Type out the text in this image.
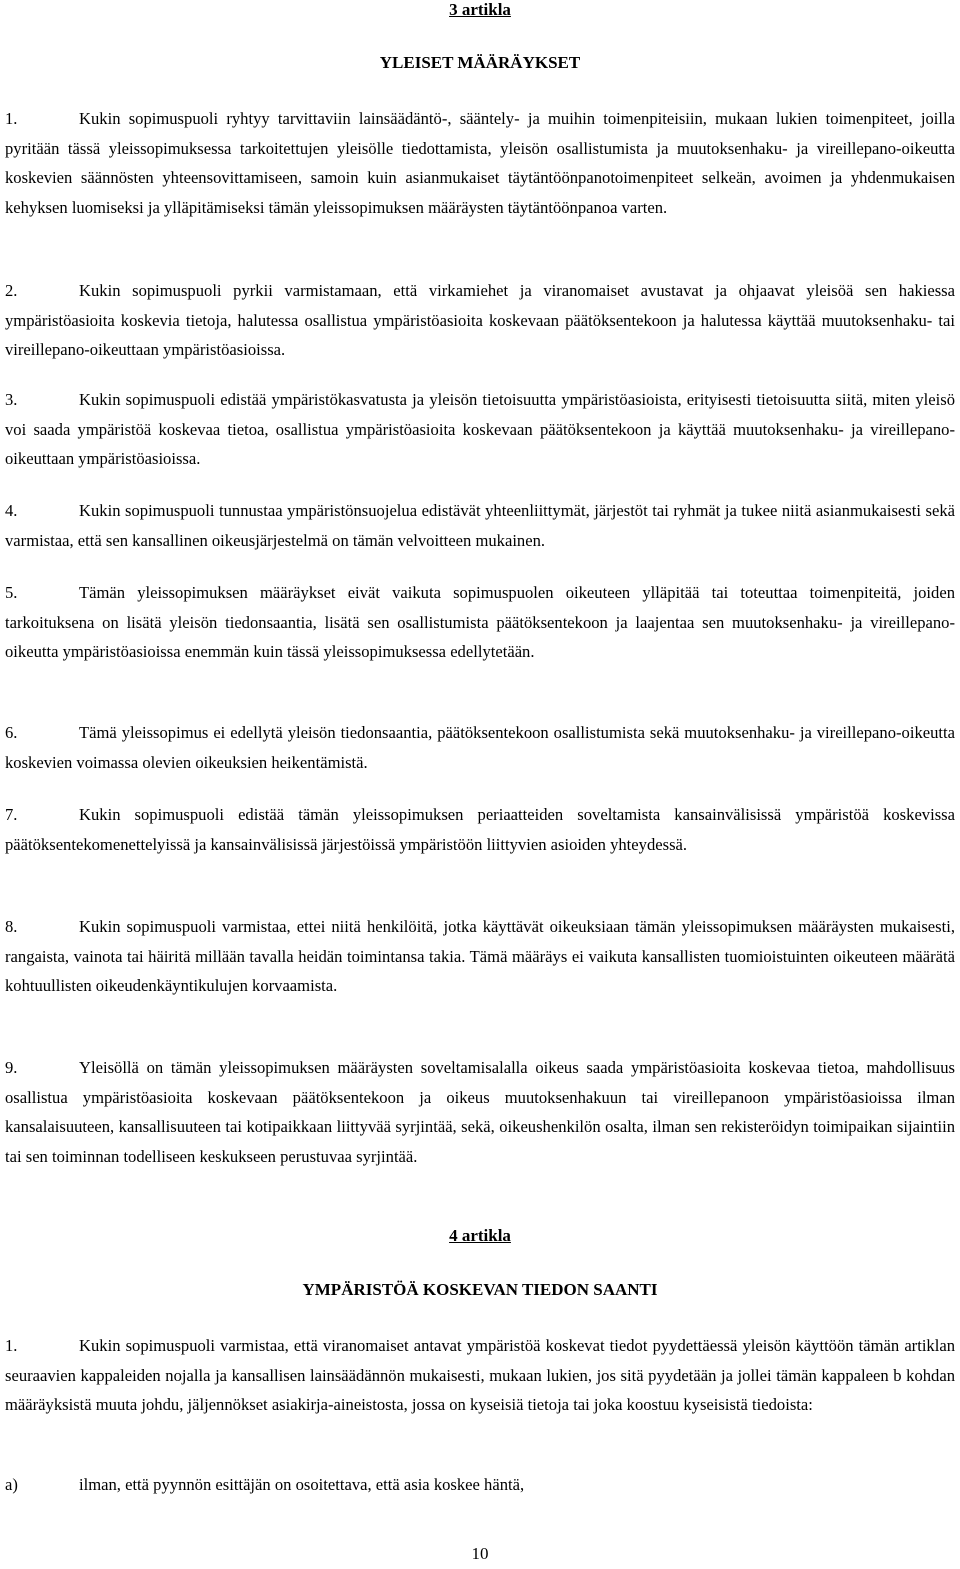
3 artikla

YLEISET MÄÄRÄYKSET

1.	Kukin sopimuspuoli ryhtyy tarvittaviin lainsäädäntö-, sääntely- ja muihin toimenpiteisiin, mukaan lukien toimenpiteet, joilla pyritään tässä yleissopimuksessa tarkoitettujen yleisölle tiedottamista, yleisön osallistumista ja muutoksenhaku- ja vireillepano-oikeutta koskevien säännösten yhteensovittamiseen, samoin kuin asianmukaiset täytäntöönpanotoimenpiteet selkeän, avoimen ja yhdenmukaisen kehyksen luomiseksi ja ylläpitämiseksi tämän yleissopimuksen määräysten täytäntöönpanoa varten.

2.	Kukin sopimuspuoli pyrkii varmistamaan, että virkamiehet ja viranomaiset avustavat ja ohjaavat yleisöä sen hakiessa ympäristöasioita koskevia tietoja, halutessa osallistua ympäristöasioita koskevaan päätöksentekoon ja halutessa käyttää muutoksenhaku- tai vireillepano-oikeuttaan ympäristöasioissa.

3.	Kukin sopimuspuoli edistää ympäristökasvatusta ja yleisön tietoisuutta ympäristöasioista, erityisesti tietoisuutta siitä, miten yleisö voi saada ympäristöä koskevaa tietoa, osallistua ympäristöasioita koskevaan päätöksentekoon ja käyttää muutoksenhaku- ja vireillepano-oikeuttaan ympäristöasioissa.

4.	Kukin sopimuspuoli tunnustaa ympäristönsuojelua edistävät yhteenliittymät, järjestöt tai ryhmät ja tukee niitä asianmukaisesti sekä varmistaa, että sen kansallinen oikeusjärjestelmä on tämän velvoitteen mukainen.

5.	Tämän yleissopimuksen määräykset eivät vaikuta sopimuspuolen oikeuteen ylläpitää tai toteuttaa toimenpiteitä, joiden tarkoituksena on lisätä yleisön tiedonsaantia, lisätä sen osallistumista päätöksentekoon ja laajentaa sen muutoksenhaku- ja vireillepano-oikeutta ympäristöasioissa enemmän kuin tässä yleissopimuksessa edellytetään.

6.	Tämä yleissopimus ei edellytä yleisön tiedonsaantia, päätöksentekoon osallistumista sekä muutoksenhaku- ja vireillepano-oikeutta koskevien voimassa olevien oikeuksien heikentämistä.

7.	Kukin sopimuspuoli edistää tämän yleissopimuksen periaatteiden soveltamista kansainvälisissä ympäristöä koskevissa päätöksentekomenettelyissä ja kansainvälisissä järjestöissä ympäristöön liittyvien asioiden yhteydessä.

8.	Kukin sopimuspuoli varmistaa, ettei niitä henkilöitä, jotka käyttävät oikeuksiaan tämän yleissopimuksen määräysten mukaisesti, rangaista, vainota tai häiritä millään tavalla heidän toimintansa takia. Tämä määräys ei vaikuta kansallisten tuomioistuinten oikeuteen määrätä kohtuullisten oikeudenkäyntikulujen korvaamista.

9.	Yleisöllä on tämän yleissopimuksen määräysten soveltamisalalla oikeus saada ympäristöasioita koskevaa tietoa, mahdollisuus osallistua ympäristöasioita koskevaan päätöksentekoon ja oikeus muutoksenhakuun tai vireillepanoon ympäristöasioissa ilman kansalaisuuteen, kansallisuuteen tai kotipaikkaan liittyvää syrjintää, sekä, oikeushenkilön osalta, ilman sen rekisteröidyn toimipaikan sijaintiin tai sen toiminnan todelliseen keskukseen perustuvaa syrjintää.

4 artikla

YMPÄRISTÖÄ KOSKEVAN TIEDON SAANTI

1.	Kukin sopimuspuoli varmistaa, että viranomaiset antavat ympäristöä koskevat tiedot pyydettäessä yleisön käyttöön tämän artiklan seuraavien kappaleiden nojalla ja kansallisen lainsäädännön mukaisesti, mukaan lukien, jos sitä pyydetään ja jollei tämän kappaleen b kohdan määräyksistä muuta johdu, jäljennökset asiakirja-aineistosta, jossa on kyseisiä tietoja tai joka koostuu kyseisistä tiedoista:

a)	ilman, että pyynnön esittäjän on osoitettava, että asia koskee häntä,

10
